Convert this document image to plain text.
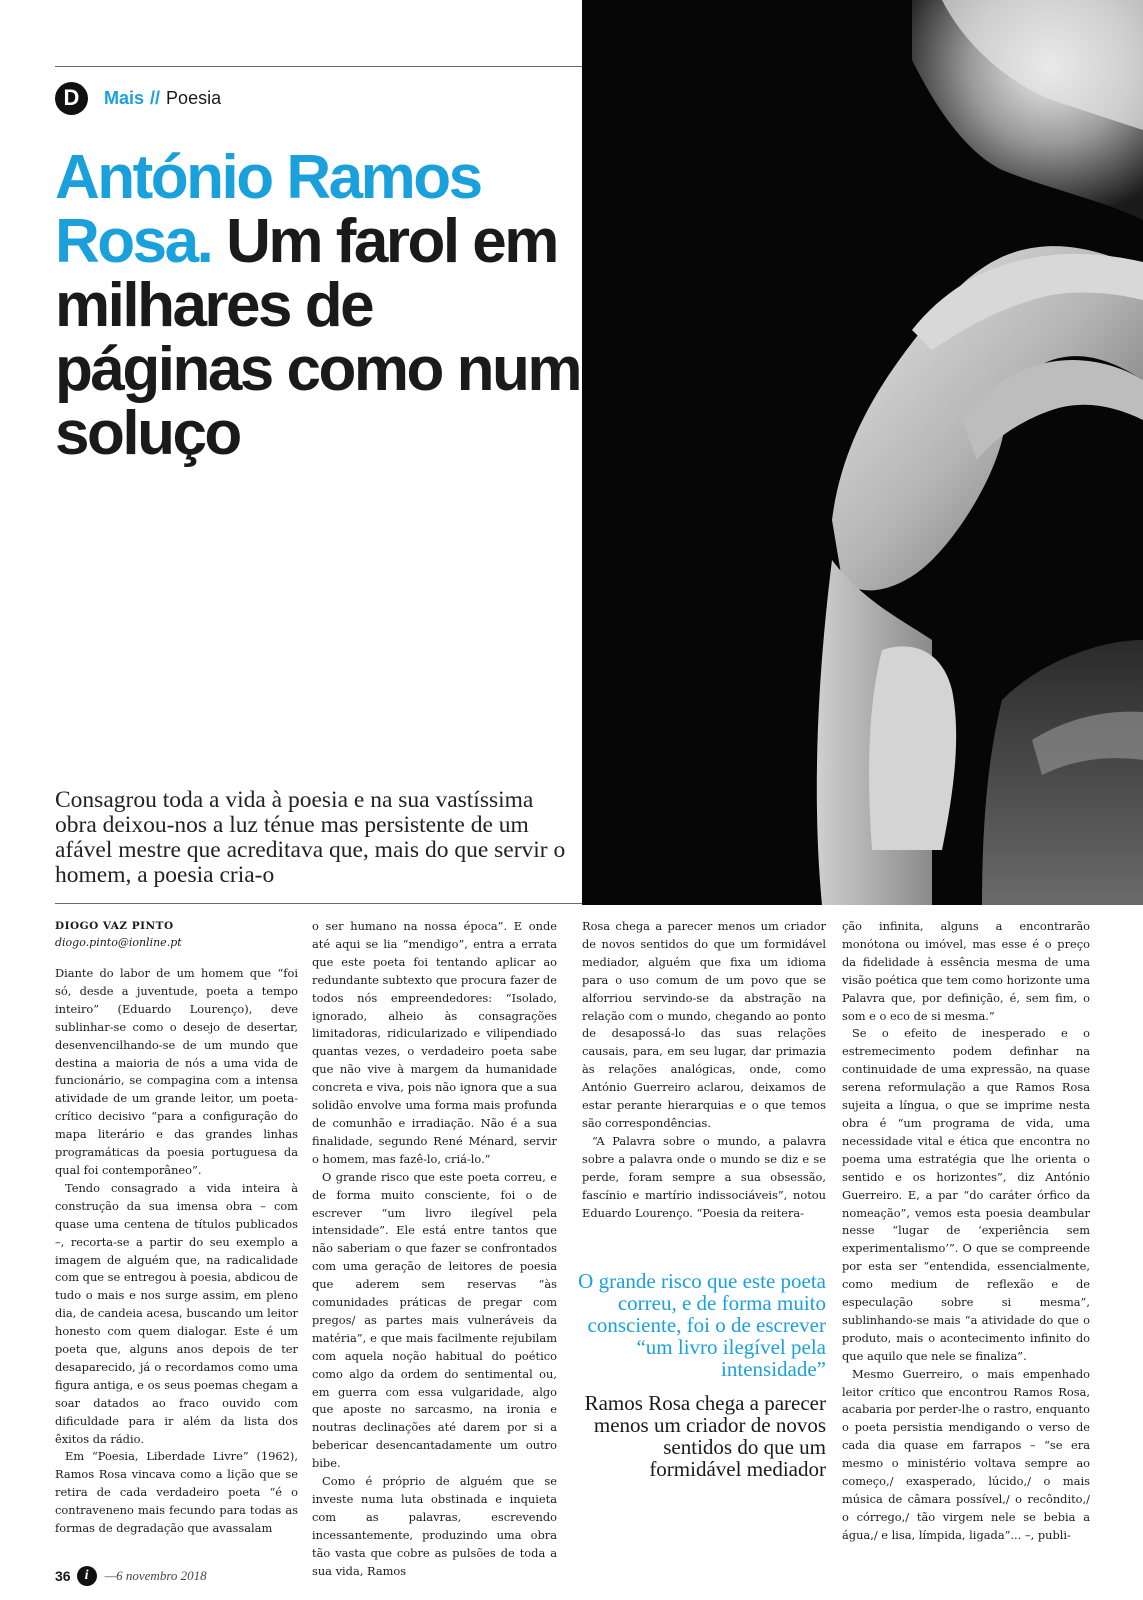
D	Mais // Poesia
António Ramos Rosa. Um farol em milhares de páginas como num soluço

Consagrou toda a vida à poesia e na sua vastíssima obra deixou-nos a luz ténue mas persistente de um afável mestre que acreditava que, mais do que servir o homem, a poesia cria-o

DIOGO VAZ PINTO
diogo.pinto@ionline.pt

Diante do labor de um homem que “foi só, desde a juventude, poeta a tempo inteiro” (Eduardo Lourenço), deve sublinhar-se como o desejo de desertar, desenvencilhando-se de um mundo que destina a maioria de nós a uma vida de funcionário, se compagina com a intensa atividade de um grande leitor, um poeta-crítico decisivo “para a configuração do mapa literário e das grandes linhas programáticas da poesia portuguesa da qual foi contemporâneo”.

Tendo consagrado a vida inteira à construção da sua imensa obra – com quase uma centena de títulos publicados –, recorta-se a partir do seu exemplo a imagem de alguém que, na radicalidade com que se entregou à poesia, abdicou de tudo o mais e nos surge assim, em pleno dia, de candeia acesa, buscando um leitor honesto com quem dialogar. Este é um poeta que, alguns anos depois de ter desaparecido, já o recordamos como uma figura antiga, e os seus poemas chegam a soar datados ao fraco ouvido com dificuldade para ir além da lista dos êxitos da rádio.

Em “Poesia, Liberdade Livre” (1962), Ramos Rosa vincava como a lição que se retira de cada verdadeiro poeta “é o contraveneno mais fecundo para todas as formas de degradação que avassalam

o ser humano na nossa época”. E onde até aqui se lia “mendigo”, entra a errata que este poeta foi tentando aplicar ao redundante subtexto que procura fazer de todos nós empreendedores: “Isolado, ignorado, alheio às consagrações limitadoras, ridicularizado e vilipendiado quantas vezes, o verdadeiro poeta sabe que não vive à margem da humanidade concreta e viva, pois não ignora que a sua solidão envolve uma forma mais profunda de comunhão e irradiação. Não é a sua finalidade, segundo René Ménard, servir o homem, mas fazê-lo, criá-lo.”

O grande risco que este poeta correu, e de forma muito consciente, foi o de escrever “um livro ilegível pela intensidade”. Ele está entre tantos que não saberiam o que fazer se confrontados com uma geração de leitores de poesia que aderem sem reservas “às comunidades práticas de pregar com pregos/ as partes mais vulneráveis da matéria”, e que mais facilmente rejubilam com aquela noção habitual do poético como algo da ordem do sentimental ou, em guerra com essa vulgaridade, algo que aposte no sarcasmo, na ironia e noutras declinações até darem por si a bebericar desencantadamente um outro bibe.

Como é próprio de alguém que se investe numa luta obstinada e inquieta com as palavras, escrevendo incessantemente, produzindo uma obra tão vasta que cobre as pulsões de toda a sua vida, Ramos

Rosa chega a parecer menos um criador de novos sentidos do que um formidável mediador, alguém que fixa um idioma para o uso comum de um povo que se alforriou servindo-se da abstração na relação com o mundo, chegando ao ponto de desapossá-lo das suas relações causais, para, em seu lugar, dar primazia às relações analógicas, onde, como António Guerreiro aclarou, deixamos de estar perante hierarquias e o que temos são correspondências.

“A Palavra sobre o mundo, a palavra sobre a palavra onde o mundo se diz e se perde, foram sempre a sua obsessão, fascínio e martírio indissociáveis”, notou Eduardo Lourenço. “Poesia da reitera-

ção infinita, alguns a encontrarão monótona ou imóvel, mas esse é o preço da fidelidade à essência mesma de uma visão poética que tem como horizonte uma Palavra que, por definição, é, sem fim, o som e o eco de si mesma.”

Se o efeito de inesperado e o estremecimento podem definhar na continuidade de uma expressão, na quase serena reformulação a que Ramos Rosa sujeita a língua, o que se imprime nesta obra é “um programa de vida, uma necessidade vital e ética que encontra no poema uma estratégia que lhe orienta o sentido e os horizontes”, diz António Guerreiro. E, a par “do caráter órfico da nomeação”, vemos esta poesia deambular nesse “lugar de ‘experiência sem experimentalismo’”. O que se compreende por esta ser “entendida, essencialmente, como medium de reflexão e de especulação sobre si mesma”, sublinhando-se mais “a atividade do que o produto, mais o acontecimento infinito do que aquilo que nele se finaliza”.

Mesmo Guerreiro, o mais empenhado leitor crítico que encontrou Ramos Rosa, acabaria por perder-lhe o rastro, enquanto o poeta persistia mendigando o verso de cada dia quase em farrapos – “se era mesmo o ministério voltava sempre ao começo,/ exasperado, lúcido,/ o mais música de câmara possível,/ o recôndito,/ o córrego,/ tão virgem nele se bebia a água,/ e lisa, límpida, ligada”... –, publi-

O grande risco que este poeta correu, e de forma muito consciente, foi o de escrever “um livro ilegível pela intensidade”
Ramos Rosa chega a parecer menos um criador de novos sentidos do que um formidável mediador
36	i	—6 novembro 2018
